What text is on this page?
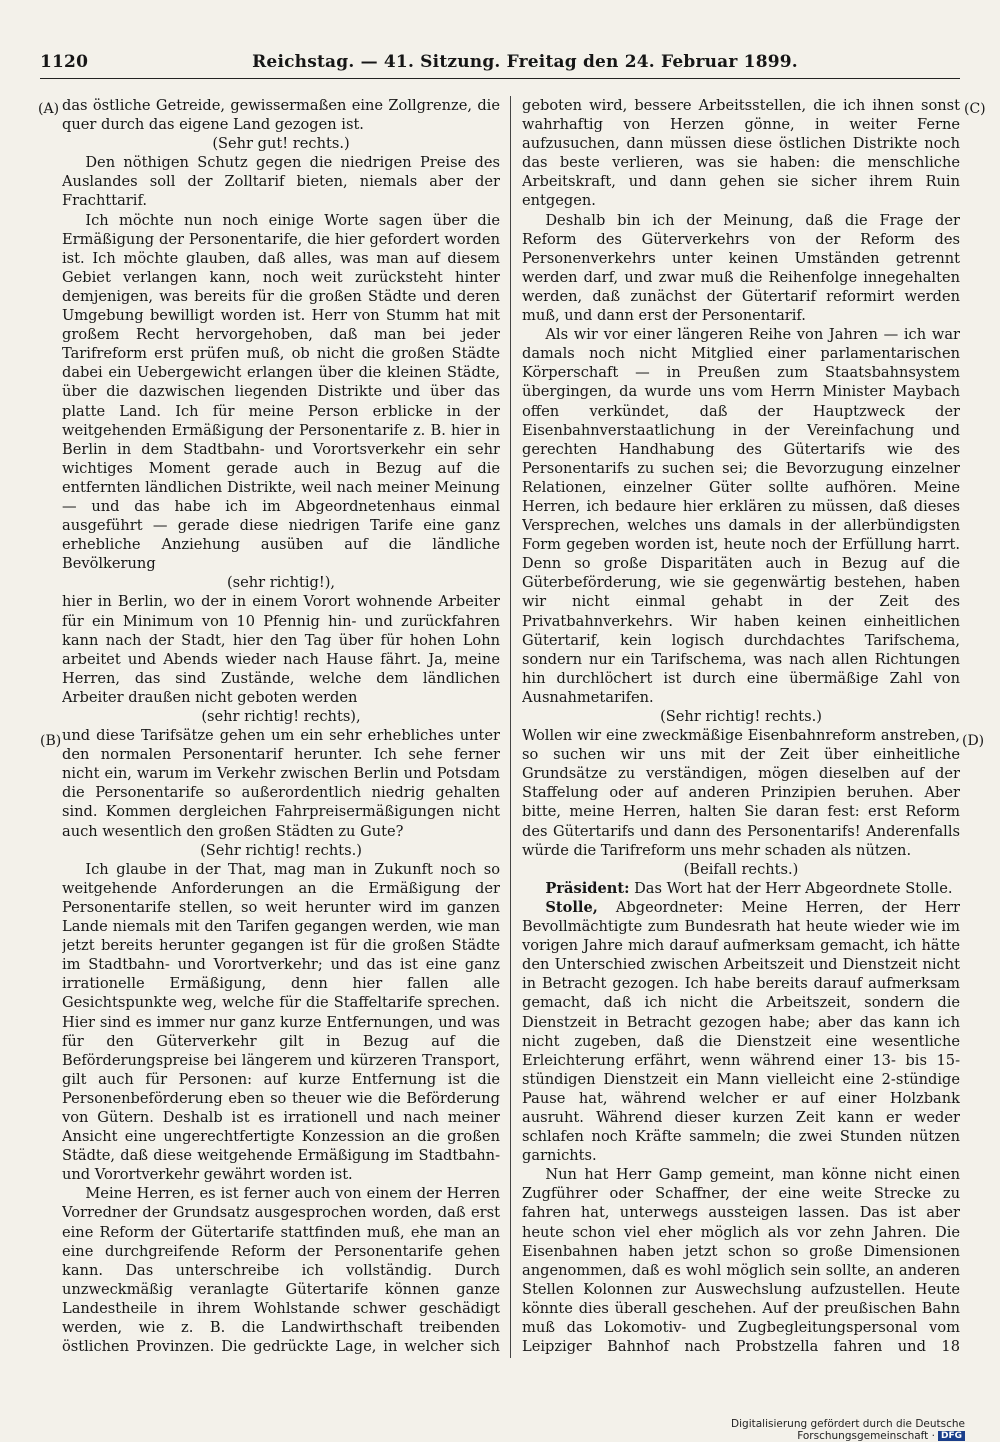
1120	Reichstag. — 41. Sitzung. Freitag den 24. Februar 1899.
(A)
(B)
(C)
(D)

das östliche Getreide, gewissermaßen eine Zollgrenze, die quer durch das eigene Land gezogen ist.

(Sehr gut! rechts.)

Den nöthigen Schutz gegen die niedrigen Preise des Auslandes soll der Zolltarif bieten, niemals aber der Frachttarif.

Ich möchte nun noch einige Worte sagen über die Ermäßigung der Personentarife, die hier gefordert worden ist. Ich möchte glauben, daß alles, was man auf diesem Gebiet verlangen kann, noch weit zurücksteht hinter demjenigen, was bereits für die großen Städte und deren Umgebung bewilligt worden ist. Herr von Stumm hat mit großem Recht hervorgehoben, daß man bei jeder Tarifreform erst prüfen muß, ob nicht die großen Städte dabei ein Uebergewicht erlangen über die kleinen Städte, über die dazwischen liegenden Distrikte und über das platte Land. Ich für meine Person erblicke in der weitgehenden Ermäßigung der Personentarife z. B. hier in Berlin in dem Stadtbahn- und Vorortsverkehr ein sehr wichtiges Moment gerade auch in Bezug auf die entfernten ländlichen Distrikte, weil nach meiner Meinung — und das habe ich im Abgeordnetenhaus einmal ausgeführt — gerade diese niedrigen Tarife eine ganz erhebliche Anziehung ausüben auf die ländliche Bevölkerung

(sehr richtig!),

hier in Berlin, wo der in einem Vorort wohnende Arbeiter für ein Minimum von 10 Pfennig hin- und zurückfahren kann nach der Stadt, hier den Tag über für hohen Lohn arbeitet und Abends wieder nach Hause fährt. Ja, meine Herren, das sind Zustände, welche dem ländlichen Arbeiter draußen nicht geboten werden

(sehr richtig! rechts),

und diese Tarifsätze gehen um ein sehr erhebliches unter den normalen Personentarif herunter. Ich sehe ferner nicht ein, warum im Verkehr zwischen Berlin und Potsdam die Personentarife so außerordentlich niedrig gehalten sind. Kommen dergleichen Fahrpreisermäßigungen nicht auch wesentlich den großen Städten zu Gute?

(Sehr richtig! rechts.)

Ich glaube in der That, mag man in Zukunft noch so weitgehende Anforderungen an die Ermäßigung der Personentarife stellen, so weit herunter wird im ganzen Lande niemals mit den Tarifen gegangen werden, wie man jetzt bereits herunter gegangen ist für die großen Städte im Stadtbahn- und Vorortverkehr; und das ist eine ganz irrationelle Ermäßigung, denn hier fallen alle Gesichtspunkte weg, welche für die Staffeltarife sprechen. Hier sind es immer nur ganz kurze Entfernungen, und was für den Güterverkehr gilt in Bezug auf die Beförderungspreise bei längerem und kürzeren Transport, gilt auch für Personen: auf kurze Entfernung ist die Personenbeförderung eben so theuer wie die Beförderung von Gütern. Deshalb ist es irrationell und nach meiner Ansicht eine ungerechtfertigte Konzession an die großen Städte, daß diese weitgehende Ermäßigung im Stadtbahn- und Vorortverkehr gewährt worden ist.

Meine Herren, es ist ferner auch von einem der Herren Vorredner der Grundsatz ausgesprochen worden, daß erst eine Reform der Gütertarife stattfinden muß, ehe man an eine durchgreifende Reform der Personentarife gehen kann. Das unterschreibe ich vollständig. Durch unzweckmäßig veranlagte Gütertarife können ganze Landestheile in ihrem Wohlstande schwer geschädigt werden, wie z. B. die Landwirthschaft treibenden östlichen Provinzen. Die gedrückte Lage, in welcher sich

geboten wird, bessere Arbeitsstellen, die ich ihnen sonst wahrhaftig von Herzen gönne, in weiter Ferne aufzusuchen, dann müssen diese östlichen Distrikte noch das beste verlieren, was sie haben: die menschliche Arbeitskraft, und dann gehen sie sicher ihrem Ruin entgegen.

Deshalb bin ich der Meinung, daß die Frage der Reform des Güterverkehrs von der Reform des Personenverkehrs unter keinen Umständen getrennt werden darf, und zwar muß die Reihenfolge innegehalten werden, daß zunächst der Gütertarif reformirt werden muß, und dann erst der Personentarif.

Als wir vor einer längeren Reihe von Jahren — ich war damals noch nicht Mitglied einer parlamentarischen Körperschaft — in Preußen zum Staatsbahnsystem übergingen, da wurde uns vom Herrn Minister Maybach offen verkündet, daß der Hauptzweck der Eisenbahnverstaatlichung in der Vereinfachung und gerechten Handhabung des Gütertarifs wie des Personentarifs zu suchen sei; die Bevorzugung einzelner Relationen, einzelner Güter sollte aufhören. Meine Herren, ich bedaure hier erklären zu müssen, daß dieses Versprechen, welches uns damals in der allerbündigsten Form gegeben worden ist, heute noch der Erfüllung harrt. Denn so große Disparitäten auch in Bezug auf die Güterbeförderung, wie sie gegenwärtig bestehen, haben wir nicht einmal gehabt in der Zeit des Privatbahnverkehrs. Wir haben keinen einheitlichen Gütertarif, kein logisch durchdachtes Tarifschema, sondern nur ein Tarifschema, was nach allen Richtungen hin durchlöchert ist durch eine übermäßige Zahl von Ausnahmetarifen.

(Sehr richtig! rechts.)

Wollen wir eine zweckmäßige Eisenbahnreform anstreben, so suchen wir uns mit der Zeit über einheitliche Grundsätze zu verständigen, mögen dieselben auf der Staffelung oder auf anderen Prinzipien beruhen. Aber bitte, meine Herren, halten Sie daran fest: erst Reform des Gütertarifs und dann des Personentarifs! Anderenfalls würde die Tarifreform uns mehr schaden als nützen.

(Beifall rechts.)

Präsident: Das Wort hat der Herr Abgeordnete Stolle.

Stolle, Abgeordneter: Meine Herren, der Herr Bevollmächtigte zum Bundesrath hat heute wieder wie im vorigen Jahre mich darauf aufmerksam gemacht, ich hätte den Unterschied zwischen Arbeitszeit und Dienstzeit nicht in Betracht gezogen. Ich habe bereits darauf aufmerksam gemacht, daß ich nicht die Arbeitszeit, sondern die Dienstzeit in Betracht gezogen habe; aber das kann ich nicht zugeben, daß die Dienstzeit eine wesentliche Erleichterung erfährt, wenn während einer 13- bis 15-stündigen Dienstzeit ein Mann vielleicht eine 2-stündige Pause hat, während welcher er auf einer Holzbank ausruht. Während dieser kurzen Zeit kann er weder schlafen noch Kräfte sammeln; die zwei Stunden nützen garnichts.

Nun hat Herr Gamp gemeint, man könne nicht einen Zugführer oder Schaffner, der eine weite Strecke zu fahren hat, unterwegs aussteigen lassen. Das ist aber heute schon viel eher möglich als vor zehn Jahren. Die Eisenbahnen haben jetzt schon so große Dimensionen angenommen, daß es wohl möglich sein sollte, an anderen Stellen Kolonnen zur Auswechslung aufzustellen. Heute könnte dies überall geschehen. Auf der preußischen Bahn muß das Lokomotiv- und Zugbegleitungspersonal vom Leipziger Bahnhof nach Probstzella fahren und 18

Digitalisierung gefördert durch die Deutsche Forschungsgemeinschaft · DFG
